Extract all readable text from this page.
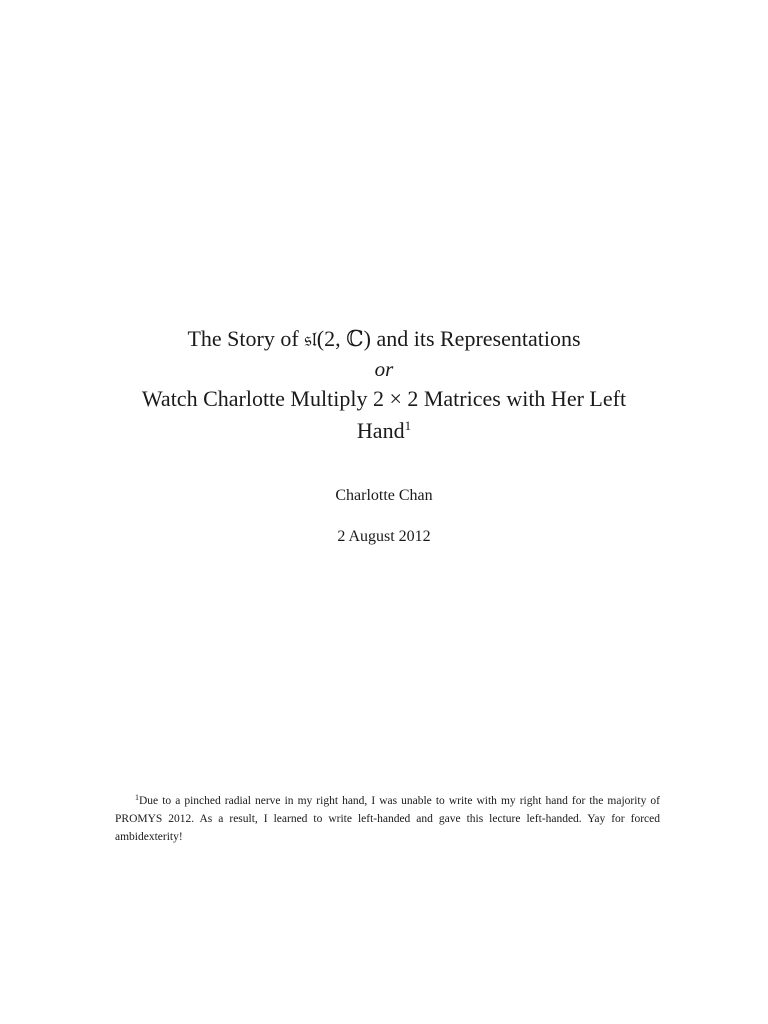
The Story of 𝔰𝔩(2, ℂ) and its Representations

or

Watch Charlotte Multiply 2 × 2 Matrices with Her Left

Hand$^1$

Charlotte Chan
2 August 2012
$^1$Due to a pinched radial nerve in my right hand, I was unable to write with my right hand for the majority of PROMYS 2012. As a result, I learned to write left-handed and gave this lecture left-handed. Yay for forced ambidexterity!
